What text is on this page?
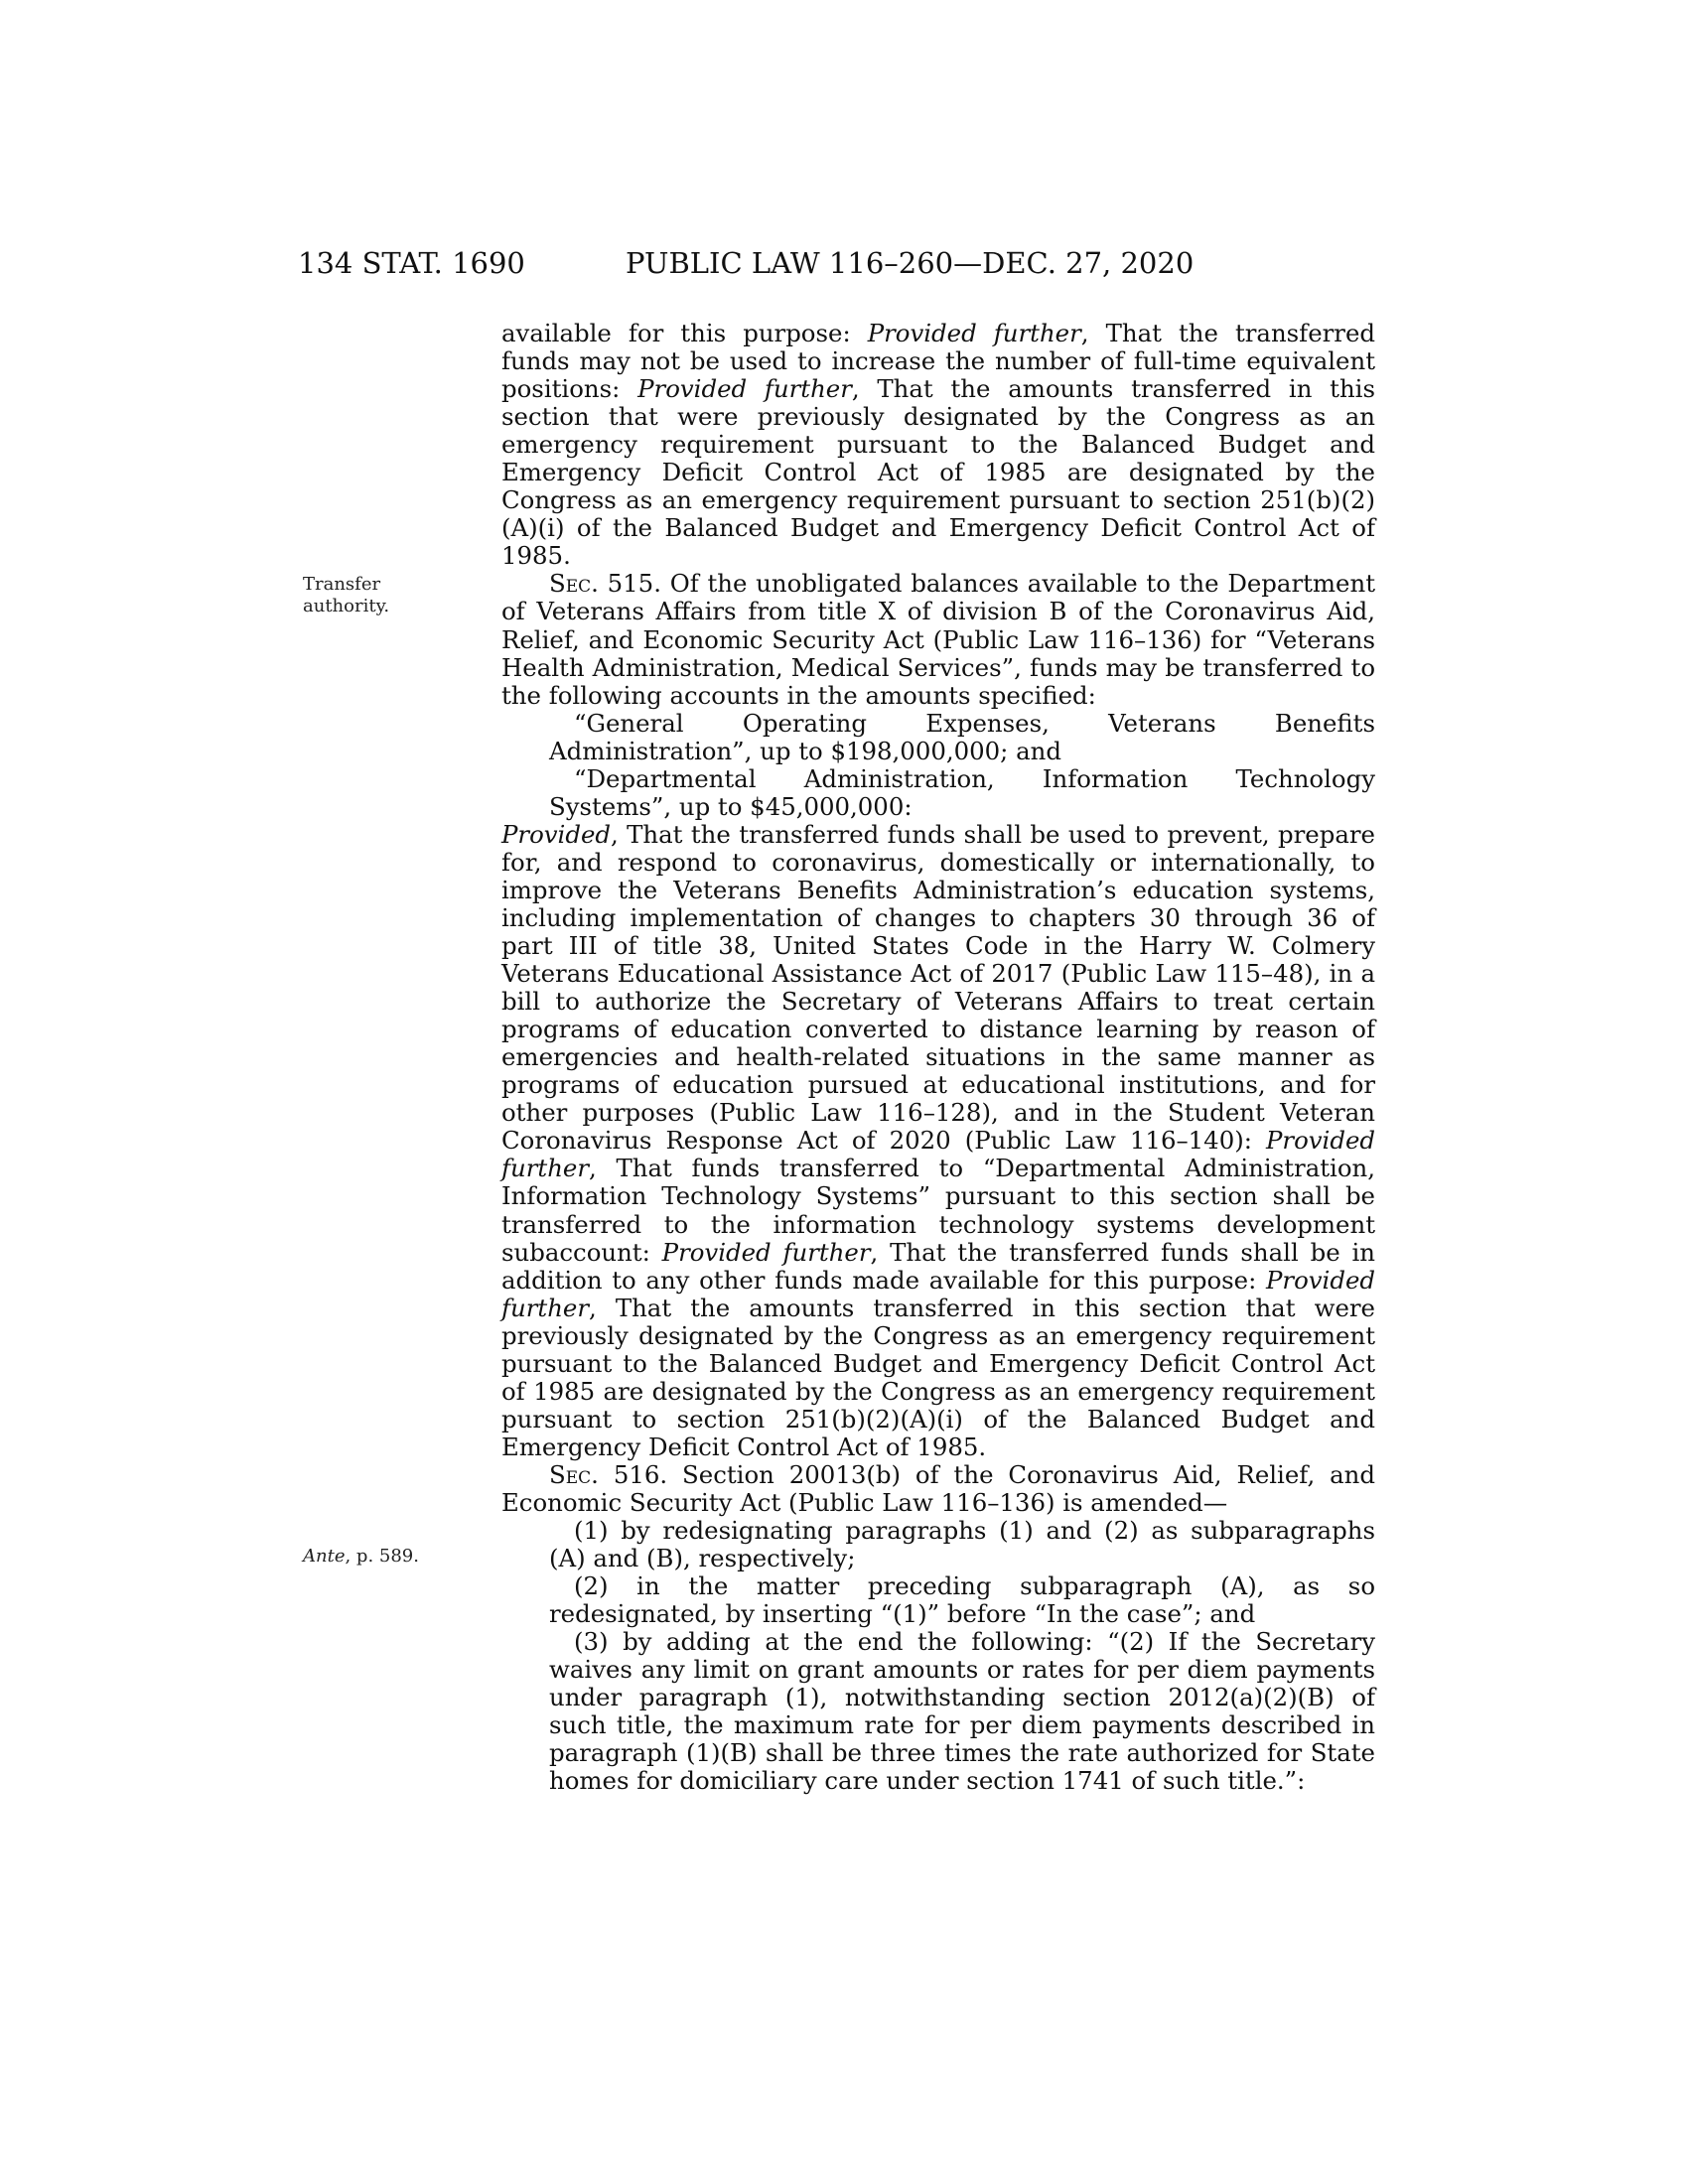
134 STAT. 1690	PUBLIC LAW 116–260—DEC. 27, 2020
Transfer
authority.
Ante, p. 589.

available for this purpose: Provided further, That the transferred funds may not be used to increase the number of full-time equivalent positions: Provided further, That the amounts transferred in this section that were previously designated by the Congress as an emergency requirement pursuant to the Balanced Budget and Emergency Deficit Control Act of 1985 are designated by the Congress as an emergency requirement pursuant to section 251(b)(2)(A)(i) of the Balanced Budget and Emergency Deficit Control Act of 1985.

Sec. 515. Of the unobligated balances available to the Department of Veterans Affairs from title X of division B of the Coronavirus Aid, Relief, and Economic Security Act (Public Law 116–136) for “Veterans Health Administration, Medical Services”, funds may be transferred to the following accounts in the amounts specified:

“General Operating Expenses, Veterans Benefits Administration”, up to $198,000,000; and

“Departmental Administration, Information Technology Systems”, up to $45,000,000:

Provided, That the transferred funds shall be used to prevent, prepare for, and respond to coronavirus, domestically or internationally, to improve the Veterans Benefits Administration’s education systems, including implementation of changes to chapters 30 through 36 of part III of title 38, United States Code in the Harry W. Colmery Veterans Educational Assistance Act of 2017 (Public Law 115–48), in a bill to authorize the Secretary of Veterans Affairs to treat certain programs of education converted to distance learning by reason of emergencies and health-related situations in the same manner as programs of education pursued at educational institutions, and for other purposes (Public Law 116–128), and in the Student Veteran Coronavirus Response Act of 2020 (Public Law 116–140): Provided further, That funds transferred to “Departmental Administration, Information Technology Systems” pursuant to this section shall be transferred to the information technology systems development subaccount: Provided further, That the transferred funds shall be in addition to any other funds made available for this purpose: Provided further, That the amounts transferred in this section that were previously designated by the Congress as an emergency requirement pursuant to the Balanced Budget and Emergency Deficit Control Act of 1985 are designated by the Congress as an emergency requirement pursuant to section 251(b)(2)(A)(i) of the Balanced Budget and Emergency Deficit Control Act of 1985.

Sec. 516. Section 20013(b) of the Coronavirus Aid, Relief, and Economic Security Act (Public Law 116–136) is amended—

(1) by redesignating paragraphs (1) and (2) as subparagraphs (A) and (B), respectively;

(2) in the matter preceding subparagraph (A), as so redesignated, by inserting “(1)” before “In the case”; and

(3) by adding at the end the following: “(2) If the Secretary waives any limit on grant amounts or rates for per diem payments under paragraph (1), notwithstanding section 2012(a)(2)(B) of such title, the maximum rate for per diem payments described in paragraph (1)(B) shall be three times the rate authorized for State homes for domiciliary care under section 1741 of such title.”:
